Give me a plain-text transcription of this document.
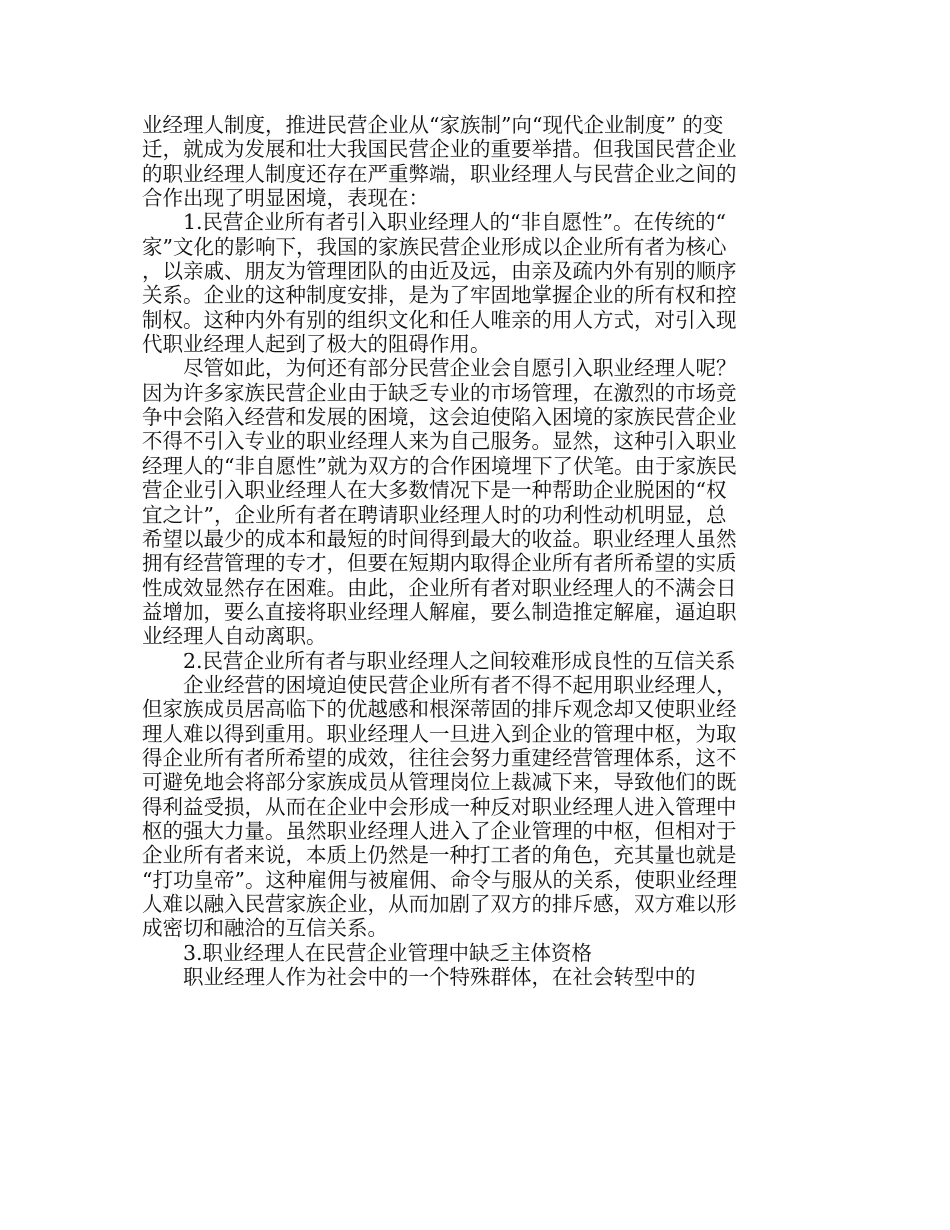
业经理人制度，推进民营企业从“家族制”向“现代企业制度” 的变迁，就成为发展和壮大我国民营企业的重要举措。但我国民营企业的职业经理人制度还存在严重弊端，职业经理人与民营企业之间的合作出现了明显困境，表现在：

1.民营企业所有者引入职业经理人的“非自愿性”。在传统的“家”文化的影响下，我国的家族民营企业形成以企业所有者为核心，以亲戚、朋友为管理团队的由近及远，由亲及疏内外有别的顺序关系。企业的这种制度安排，是为了牢固地掌握企业的所有权和控制权。这种内外有别的组织文化和任人唯亲的用人方式，对引入现代职业经理人起到了极大的阻碍作用。

尽管如此，为何还有部分民营企业会自愿引入职业经理人呢？因为许多家族民营企业由于缺乏专业的市场管理，在激烈的市场竞争中会陷入经营和发展的困境，这会迫使陷入困境的家族民营企业不得不引入专业的职业经理人来为自己服务。显然，这种引入职业经理人的“非自愿性”就为双方的合作困境埋下了伏笔。由于家族民营企业引入职业经理人在大多数情况下是一种帮助企业脱困的“权宜之计”，企业所有者在聘请职业经理人时的功利性动机明显，总希望以最少的成本和最短的时间得到最大的收益。职业经理人虽然拥有经营管理的专才，但要在短期内取得企业所有者所希望的实质性成效显然存在困难。由此，企业所有者对职业经理人的不满会日益增加，要么直接将职业经理人解雇，要么制造推定解雇，逼迫职业经理人自动离职。

2.民营企业所有者与职业经理人之间较难形成良性的互信关系

企业经营的困境迫使民营企业所有者不得不起用职业经理人，但家族成员居高临下的优越感和根深蒂固的排斥观念却又使职业经理人难以得到重用。职业经理人一旦进入到企业的管理中枢，为取得企业所有者所希望的成效，往往会努力重建经营管理体系，这不可避免地会将部分家族成员从管理岗位上裁减下来，导致他们的既得利益受损，从而在企业中会形成一种反对职业经理人进入管理中枢的强大力量。虽然职业经理人进入了企业管理的中枢，但相对于企业所有者来说，本质上仍然是一种打工者的角色，充其量也就是“打功皇帝”。这种雇佣与被雇佣、命令与服从的关系，使职业经理人难以融入民营家族企业，从而加剧了双方的排斥感，双方难以形成密切和融洽的互信关系。

3.职业经理人在民营企业管理中缺乏主体资格

职业经理人作为社会中的一个特殊群体，在社会转型中的
